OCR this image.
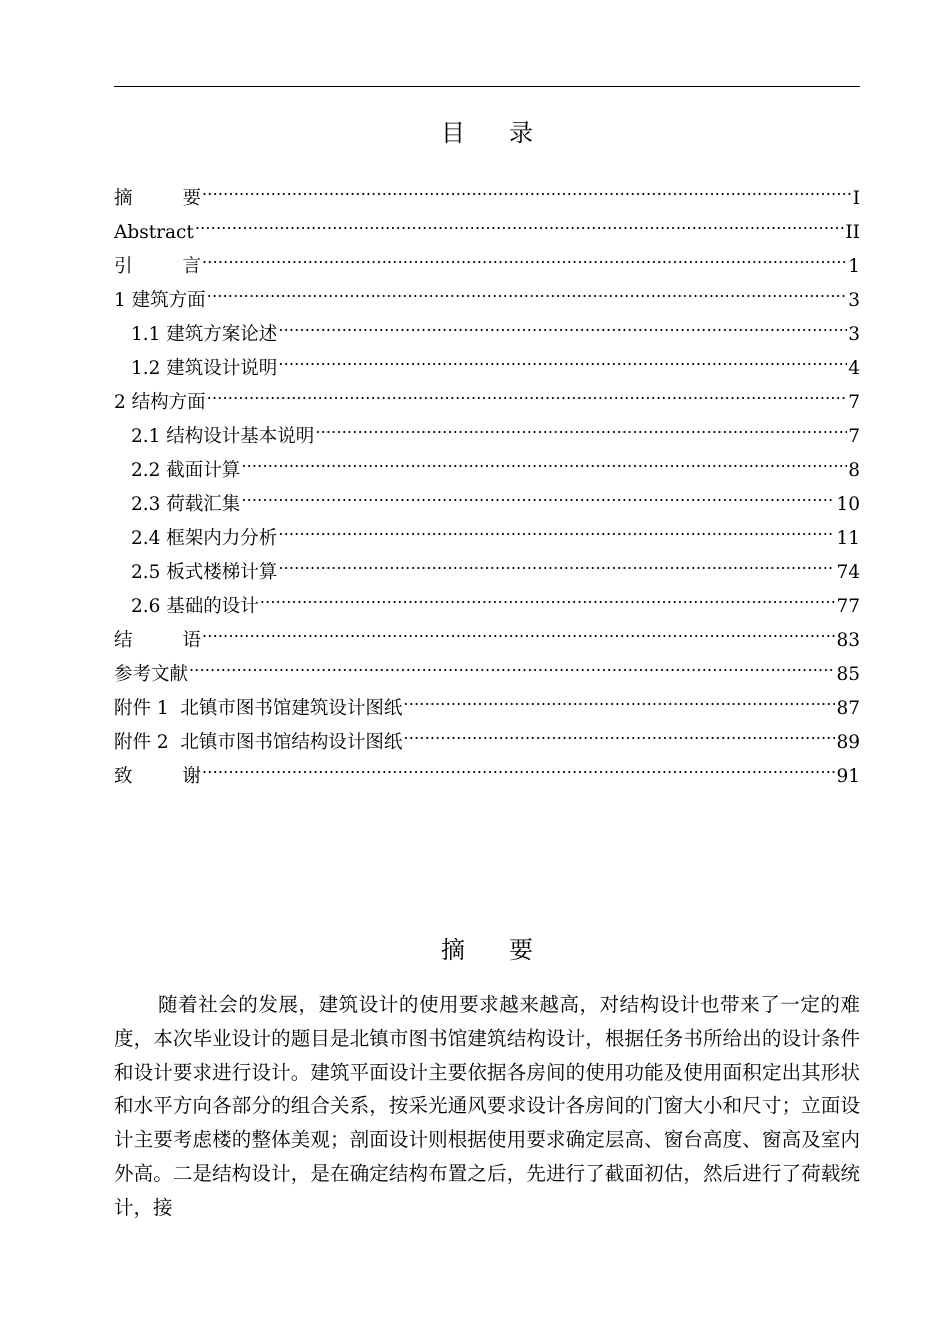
目录
摘要 .....	I
Abstract .....	II
引言 .....	1
1 建筑方面 .....	3
1.1 建筑方案论述 .....	3
1.2 建筑设计说明 .....	4
2 结构方面 .....	7
2.1 结构设计基本说明 .....	7
2.2 截面计算 .....	8
2.3 荷载汇集 .....	10
2.4 框架内力分析 .....	11
2.5 板式楼梯计算 .....	74
2.6 基础的设计 .....	77
结语 .....	83
参考文献 .....	85
附件 1  北镇市图书馆建筑设计图纸 .....	87
附件 2  北镇市图书馆结构设计图纸 .....	89
致谢 .....	91
摘要

随着社会的发展，建筑设计的使用要求越来越高，对结构设计也带来了一定的难度，本次毕业设计的题目是北镇市图书馆建筑结构设计，根据任务书所给出的设计条件和设计要求进行设计。建筑平面设计主要依据各房间的使用功能及使用面积定出其形状和水平方向各部分的组合关系，按采光通风要求设计各房间的门窗大小和尺寸；立面设计主要考虑楼的整体美观；剖面设计则根据使用要求确定层高、窗台高度、窗高及室内外高。二是结构设计，是在确定结构布置之后，先进行了截面初估，然后进行了荷载统计，接
